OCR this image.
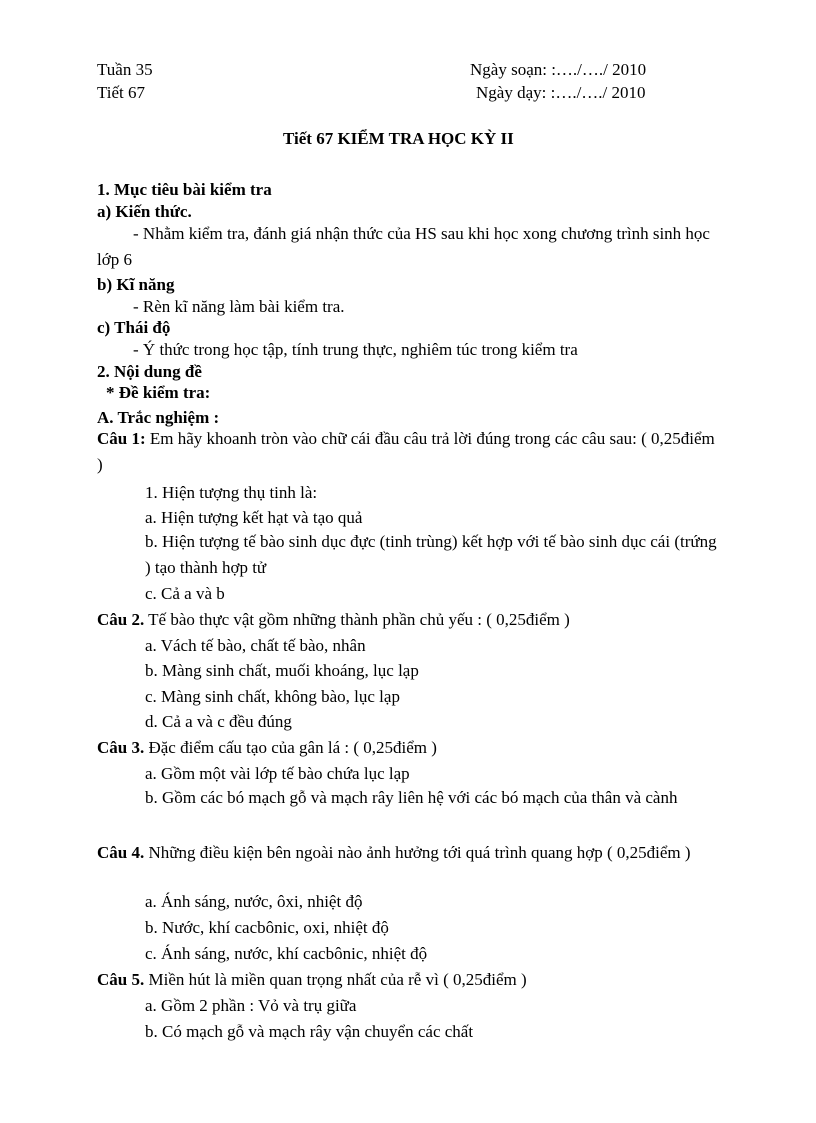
Tuần 35
Tiết 67
Ngày soạn: :…./…./ 2010
Ngày dạy: :…./…./ 2010
Tiết 67 KIỂM TRA HỌC KỲ II
1. Mục tiêu bài kiểm tra
a) Kiến thức.
- Nhằm kiểm tra, đánh giá nhận thức của HS sau khi học xong chương trình sinh học lớp 6
b) Kĩ năng
- Rèn kĩ năng làm bài kiểm tra.
c) Thái độ
- Ý thức trong học tập, tính trung thực, nghiêm túc trong kiểm tra
2. Nội dung đề
* Đề kiểm tra:
A. Trắc nghiệm :
Câu 1: Em hãy khoanh tròn vào chữ cái đầu câu trả lời đúng trong các câu sau: ( 0,25điểm )
1. Hiện tượng thụ tinh là:
a. Hiện tượng kết hạt và tạo quả
b. Hiện tượng tế bào sinh dục đực (tinh trùng) kết hợp với tế bào sinh dục cái (trứng ) tạo thành hợp tử
c. Cả a và b
Câu 2. Tế bào thực vật gồm những thành phần chủ yếu : ( 0,25điểm )
a. Vách tế bào, chất tế bào, nhân
b. Màng sinh chất, muối khoáng, lục lạp
c. Màng sinh chất, không bào, lục lạp
d. Cả a và c đều đúng
Câu 3. Đặc điểm cấu tạo của gân lá : ( 0,25điểm )
a. Gồm một vài lớp tế bào chứa lục lạp
b. Gồm các bó mạch gỗ và mạch rây liên hệ với các bó mạch của thân và cành
Câu 4. Những điều kiện bên ngoài nào ảnh hưởng tới quá trình quang hợp ( 0,25điểm )
a. Ánh sáng, nước, ôxi, nhiệt độ
b. Nước, khí cacbônic, oxi, nhiệt độ
c. Ánh sáng, nước, khí cacbônic, nhiệt độ
Câu 5. Miền hút là miền quan trọng nhất của rễ vì ( 0,25điểm )
a. Gồm 2 phần : Vỏ và trụ giữa
b. Có mạch gỗ và mạch rây vận chuyển các chất
